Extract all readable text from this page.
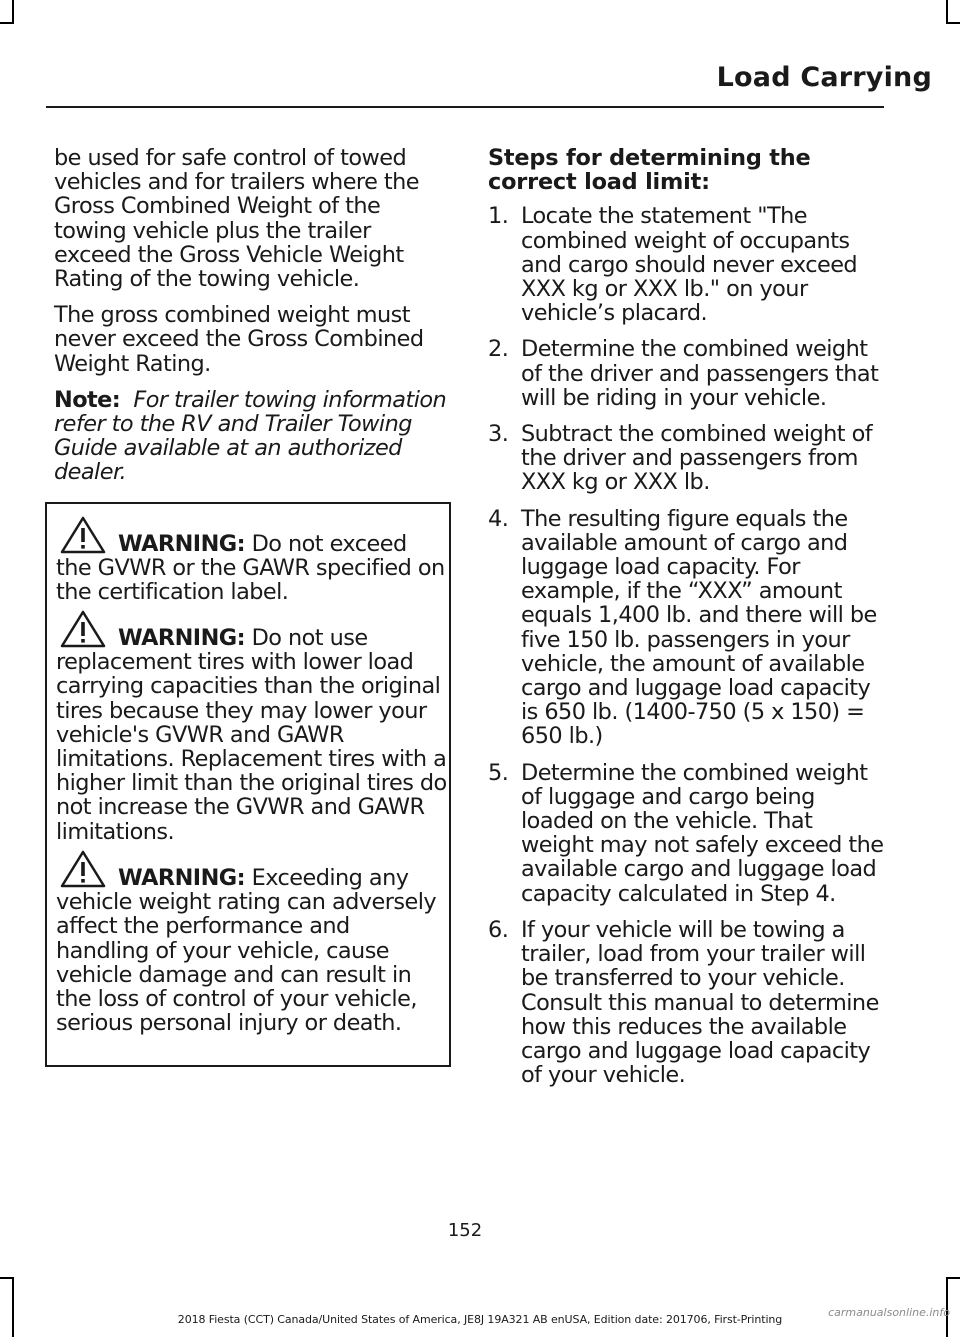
Load Carrying

be used for safe control of towed vehicles and for trailers where the Gross Combined Weight of the towing vehicle plus the trailer exceed the Gross Vehicle Weight Rating of the towing vehicle.

The gross combined weight must never exceed the Gross Combined Weight Rating.

Note: For trailer towing information refer to the RV and Trailer Towing Guide available at an authorized dealer.

WARNING: Do not exceed the GVWR or the GAWR specified on the certification label.
WARNING: Do not use replacement tires with lower load carrying capacities than the original tires because they may lower your vehicle's GVWR and GAWR limitations. Replacement tires with a higher limit than the original tires do not increase the GVWR and GAWR limitations.
WARNING: Exceeding any vehicle weight rating can adversely affect the performance and handling of your vehicle, cause vehicle damage and can result in the loss of control of your vehicle, serious personal injury or death.
Steps for determining the correct load limit:
1. Locate the statement "The combined weight of occupants and cargo should never exceed XXX kg or XXX lb." on your vehicle’s placard.
2. Determine the combined weight of the driver and passengers that will be riding in your vehicle.
3. Subtract the combined weight of the driver and passengers from XXX kg or XXX lb.
4. The resulting figure equals the available amount of cargo and luggage load capacity. For example, if the “XXX” amount equals 1,400 lb. and there will be five 150 lb. passengers in your vehicle, the amount of available cargo and luggage load capacity is 650 lb. (1400-750 (5 x 150) = 650 lb.)
5. Determine the combined weight of luggage and cargo being loaded on the vehicle. That weight may not safely exceed the available cargo and luggage load capacity calculated in Step 4.
6. If your vehicle will be towing a trailer, load from your trailer will be transferred to your vehicle. Consult this manual to determine how this reduces the available cargo and luggage load capacity of your vehicle.
152
2018 Fiesta (CCT) Canada/United States of America, JE8J 19A321 AB enUSA, Edition date: 201706, First-Printing
carmanualsonline.info
